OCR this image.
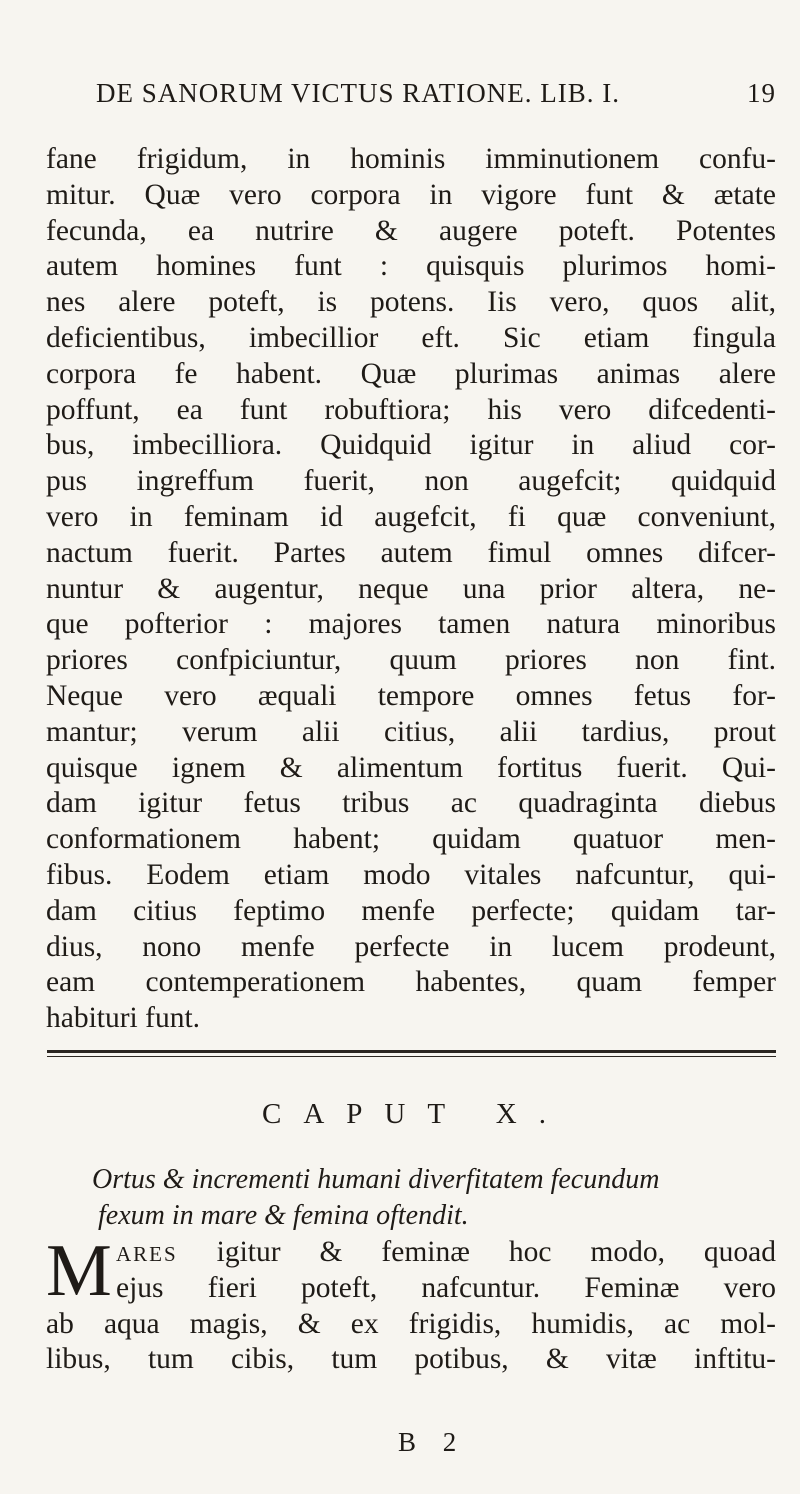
DE SANORUM VICTUS RATIONE. LIB. I.	19
fane frigidum, in hominis imminutionem confu-
mitur. Quæ vero corpora in vigore funt & ætate
fecunda, ea nutrire & augere poteft. Potentes
autem homines funt : quisquis plurimos homi-
nes alere poteft, is potens. Iis vero, quos alit,
deficientibus, imbecillior eft. Sic etiam fingula
corpora fe habent. Quæ plurimas animas alere
poffunt, ea funt robuftiora; his vero difcedenti-
bus, imbecilliora. Quidquid igitur in aliud cor-
pus ingreffum fuerit, non augefcit; quidquid
vero in feminam id augefcit, fi quæ conveniunt,
nactum fuerit. Partes autem fimul omnes difcer-
nuntur & augentur, neque una prior altera, ne-
que pofterior : majores tamen natura minoribus
priores confpiciuntur, quum priores non fint.
Neque vero æquali tempore omnes fetus for-
mantur; verum alii citius, alii tardius, prout
quisque ignem & alimentum fortitus fuerit. Qui-
dam igitur fetus tribus ac quadraginta diebus
conformationem habent; quidam quatuor men-
fibus. Eodem etiam modo vitales nafcuntur, qui-
dam citius feptimo menfe perfecte; quidam tar-
dius, nono menfe perfecte in lucem prodeunt,
eam contemperationem habentes, quam femper
habituri funt.
CAPUT X.
Ortus & incrementi humani diverfitatem fecundum
fexum in mare & femina oftendit.
M ares igitur & feminæ hoc modo, quoad
ejus fieri poteft, nafcuntur. Feminæ vero
ab aqua magis, & ex frigidis, humidis, ac mol-
libus, tum cibis, tum potibus, & vitæ inftitu-
B 2
